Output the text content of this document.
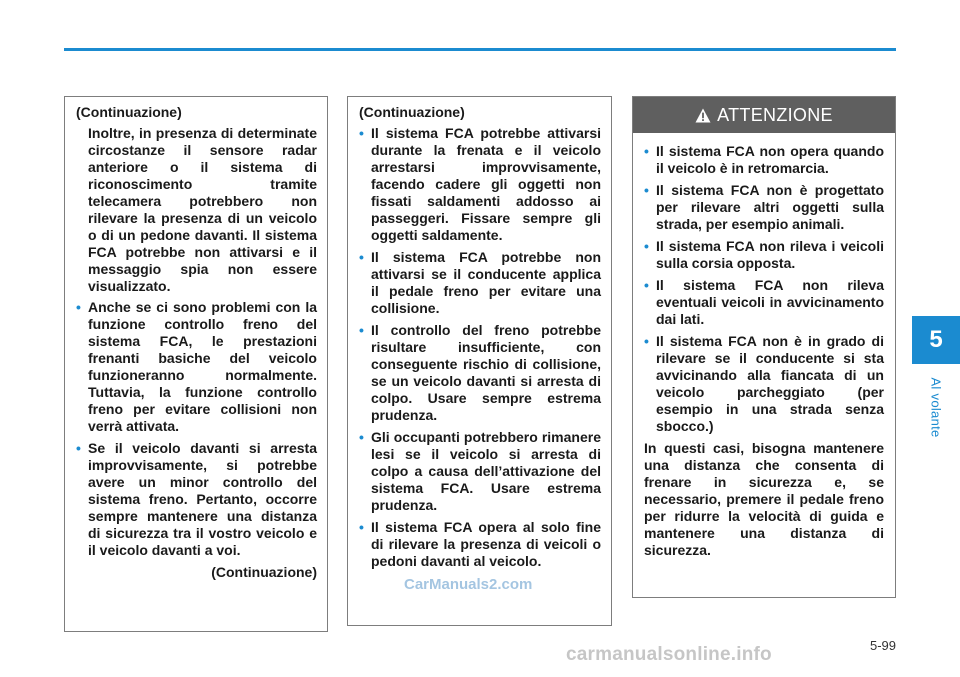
(Continuazione)

Inoltre, in presenza di determinate circostanze il sensore radar anteriore o il sistema di riconoscimento tramite telecamera potrebbero non rilevare la presenza di un veicolo o di un pedone davanti. Il sistema FCA potrebbe non attivarsi e il messaggio spia non essere visualizzato.

• Anche se ci sono problemi con la funzione controllo freno del sistema FCA, le prestazioni frenanti basiche del veicolo funzioneranno normalmente. Tuttavia, la funzione controllo freno per evitare collisioni non verrà attivata.
• Se il veicolo davanti si arresta improvvisamente, si potrebbe avere un minor controllo del sistema freno. Pertanto, occorre sempre mantenere una distanza di sicurezza tra il vostro veicolo e il veicolo davanti a voi.
(Continuazione)
(Continuazione)
• Il sistema FCA potrebbe attivarsi durante la frenata e il veicolo arrestarsi improvvisamente, facendo cadere gli oggetti non fissati saldamenti addosso ai passeggeri. Fissare sempre gli oggetti saldamente.
• Il sistema FCA potrebbe non attivarsi se il conducente applica il pedale freno per evitare una collisione.
• Il controllo del freno potrebbe risultare insufficiente, con conseguente rischio di collisione, se un veicolo davanti si arresta di colpo. Usare sempre estrema prudenza.
• Gli occupanti potrebbero rimanere lesi se il veicolo si arresta di colpo a causa dell’attivazione del sistema FCA. Usare estrema prudenza.
• Il sistema FCA opera al solo fine di rilevare la presenza di veicoli o pedoni davanti al veicolo.
ATTENZIONE
• Il sistema FCA non opera quando il veicolo è in retromarcia.
• Il sistema FCA non è progettato per rilevare altri oggetti sulla strada, per esempio animali.
• Il sistema FCA non rileva i veicoli sulla corsia opposta.
• Il sistema FCA non rileva eventuali veicoli in avvicinamento dai lati.
• Il sistema FCA non è in grado di rilevare se il conducente si sta avvicinando alla fiancata di un veicolo parcheggiato (per esempio in una strada senza sbocco.)

In questi casi, bisogna mantenere una distanza che consenta di frenare in sicurezza e, se necessario, premere il pedale freno per ridurre la velocità di guida e mantenere una distanza di sicurezza.

5
Al volante
5-99
CarManuals2.com
carmanualsonline.info
